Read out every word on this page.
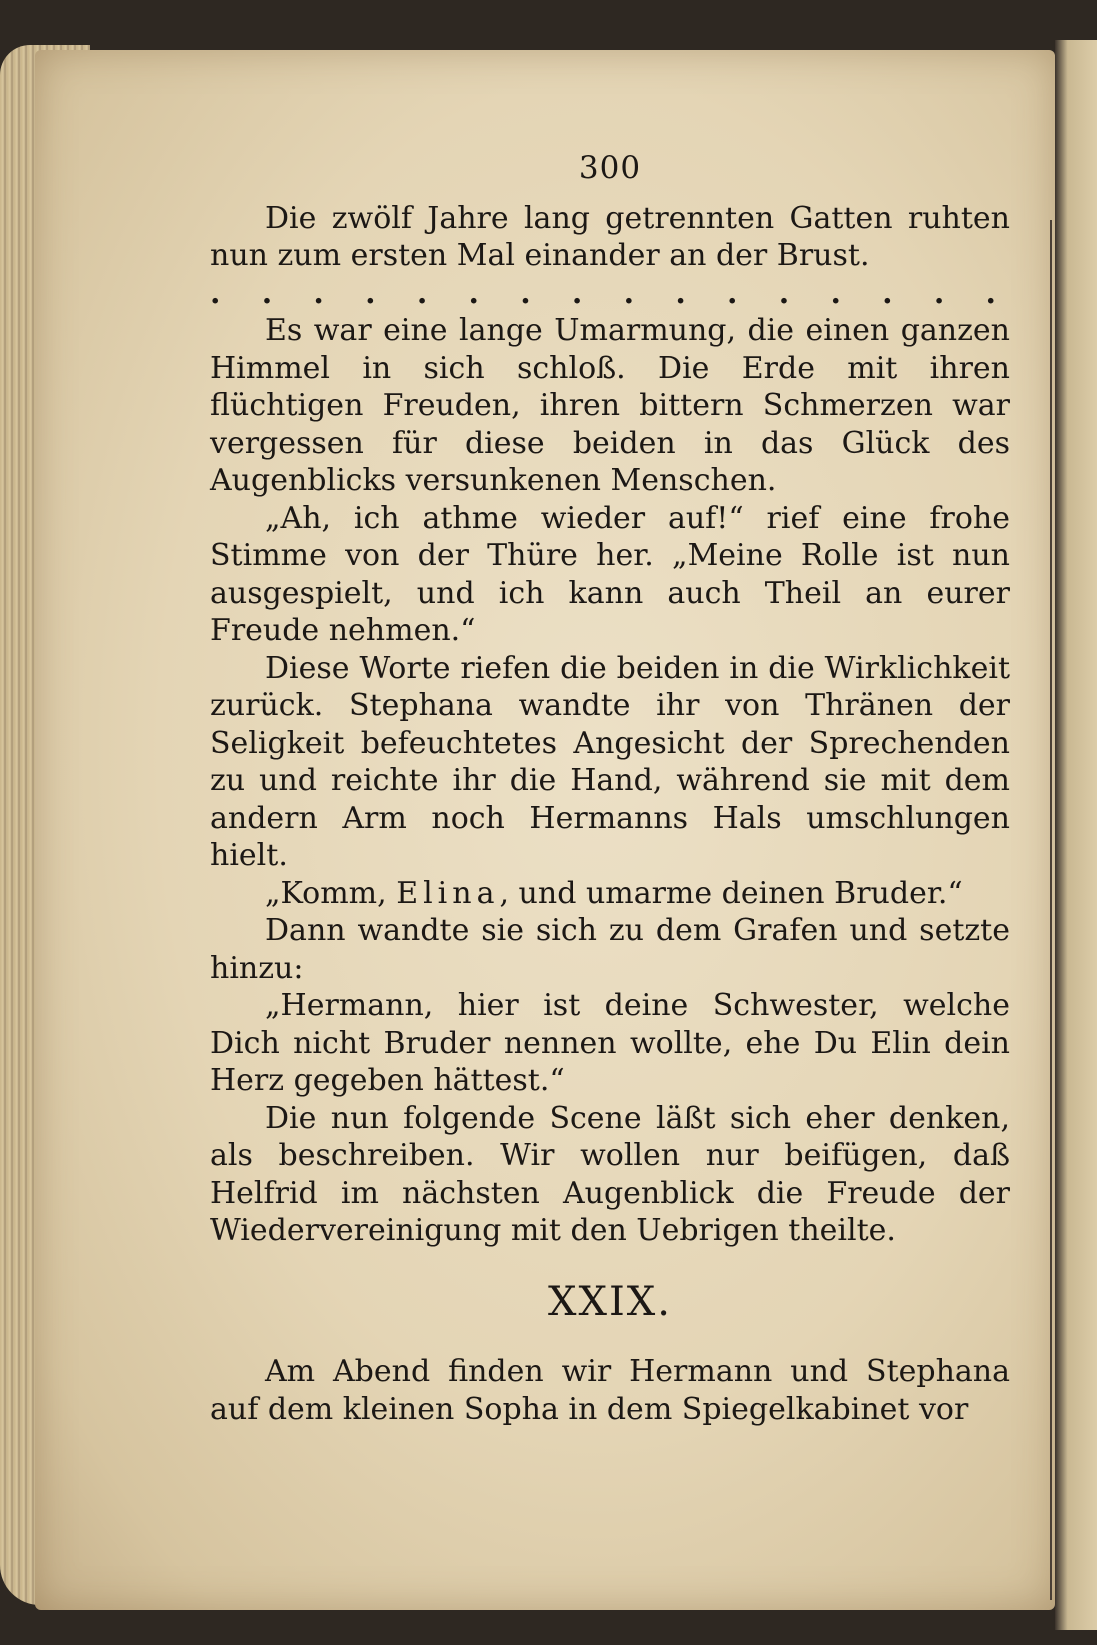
300

Die zwölf Jahre lang getrennten Gatten ruhten nun zum ersten Mal einander an der Brust.

. . . . . . . . . . . . . . . .

Es war eine lange Umarmung, die einen ganzen Himmel in sich schloß. Die Erde mit ihren flüchtigen Freuden, ihren bittern Schmerzen war vergessen für diese beiden in das Glück des Augenblicks versunkenen Menschen.

„Ah, ich athme wieder auf!“ rief eine frohe Stimme von der Thüre her. „Meine Rolle ist nun ausgespielt, und ich kann auch Theil an eurer Freude nehmen.“

Diese Worte riefen die beiden in die Wirklichkeit zurück. Stephana wandte ihr von Thränen der Seligkeit befeuchtetes Angesicht der Sprechenden zu und reichte ihr die Hand, während sie mit dem andern Arm noch Hermanns Hals umschlungen hielt.

„Komm, Elina, und umarme deinen Bruder.“

Dann wandte sie sich zu dem Grafen und setzte hinzu:

„Hermann, hier ist deine Schwester, welche Dich nicht Bruder nennen wollte, ehe Du Elin dein Herz gegeben hättest.“

Die nun folgende Scene läßt sich eher denken, als beschreiben. Wir wollen nur beifügen, daß Helfrid im nächsten Augenblick die Freude der Wiedervereinigung mit den Uebrigen theilte.

XXIX.

Am Abend finden wir Hermann und Stephana auf dem kleinen Sopha in dem Spiegelkabinet vor
